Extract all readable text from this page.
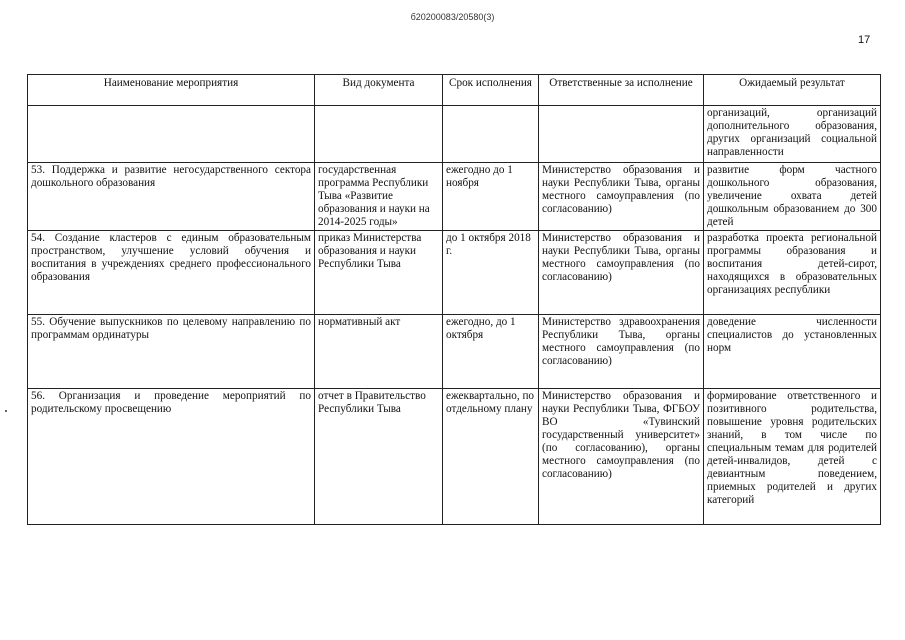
б20200083/20580(3)
17
Наименование мероприятия	Вид документа	Срок исполнения	Ответственные за исполнение	Ожидаемый результат
				организаций, организаций дополнительного образования, других организаций социальной направленности
53. Поддержка и развитие негосударственного сектора дошкольного образования	государственная программа Республики Тыва «Развитие образования и науки на 2014-2025 годы»	ежегодно до 1 ноября	Министерство образования и науки Республики Тыва, органы местного самоуправления (по согласованию)	развитие форм частного дошкольного образования, увеличение охвата детей дошкольным образованием до 300 детей
54. Создание кластеров с единым образовательным пространством, улучшение условий обучения и воспитания в учреждениях среднего профессионального образования	приказ Министерства образования и науки Республики Тыва	до 1 октября 2018 г.	Министерство образования и науки Республики Тыва, органы местного самоуправления (по согласованию)	разработка проекта региональной программы образования и воспитания детей-сирот, находящихся в образовательных организациях республики
55. Обучение выпускников по целевому направлению по программам ординатуры	нормативный акт	ежегодно, до 1 октября	Министерство здравоохранения Республики Тыва, органы местного самоуправления (по согласованию)	доведение численности специалистов до установленных норм
56. Организация и проведение мероприятий по родительскому просвещению	отчет в Правительство Республики Тыва	ежеквартально, по отдельному плану	Министерство образования и науки Республики Тыва, ФГБОУ ВО «Тувинский государственный университет» (по согласованию), органы местного самоуправления (по согласованию)	формирование ответственного и позитивного родительства, повышение уровня родительских знаний, в том числе по специальным темам для родителей детей-инвалидов, детей с девиантным поведением, приемных родителей и других категорий
